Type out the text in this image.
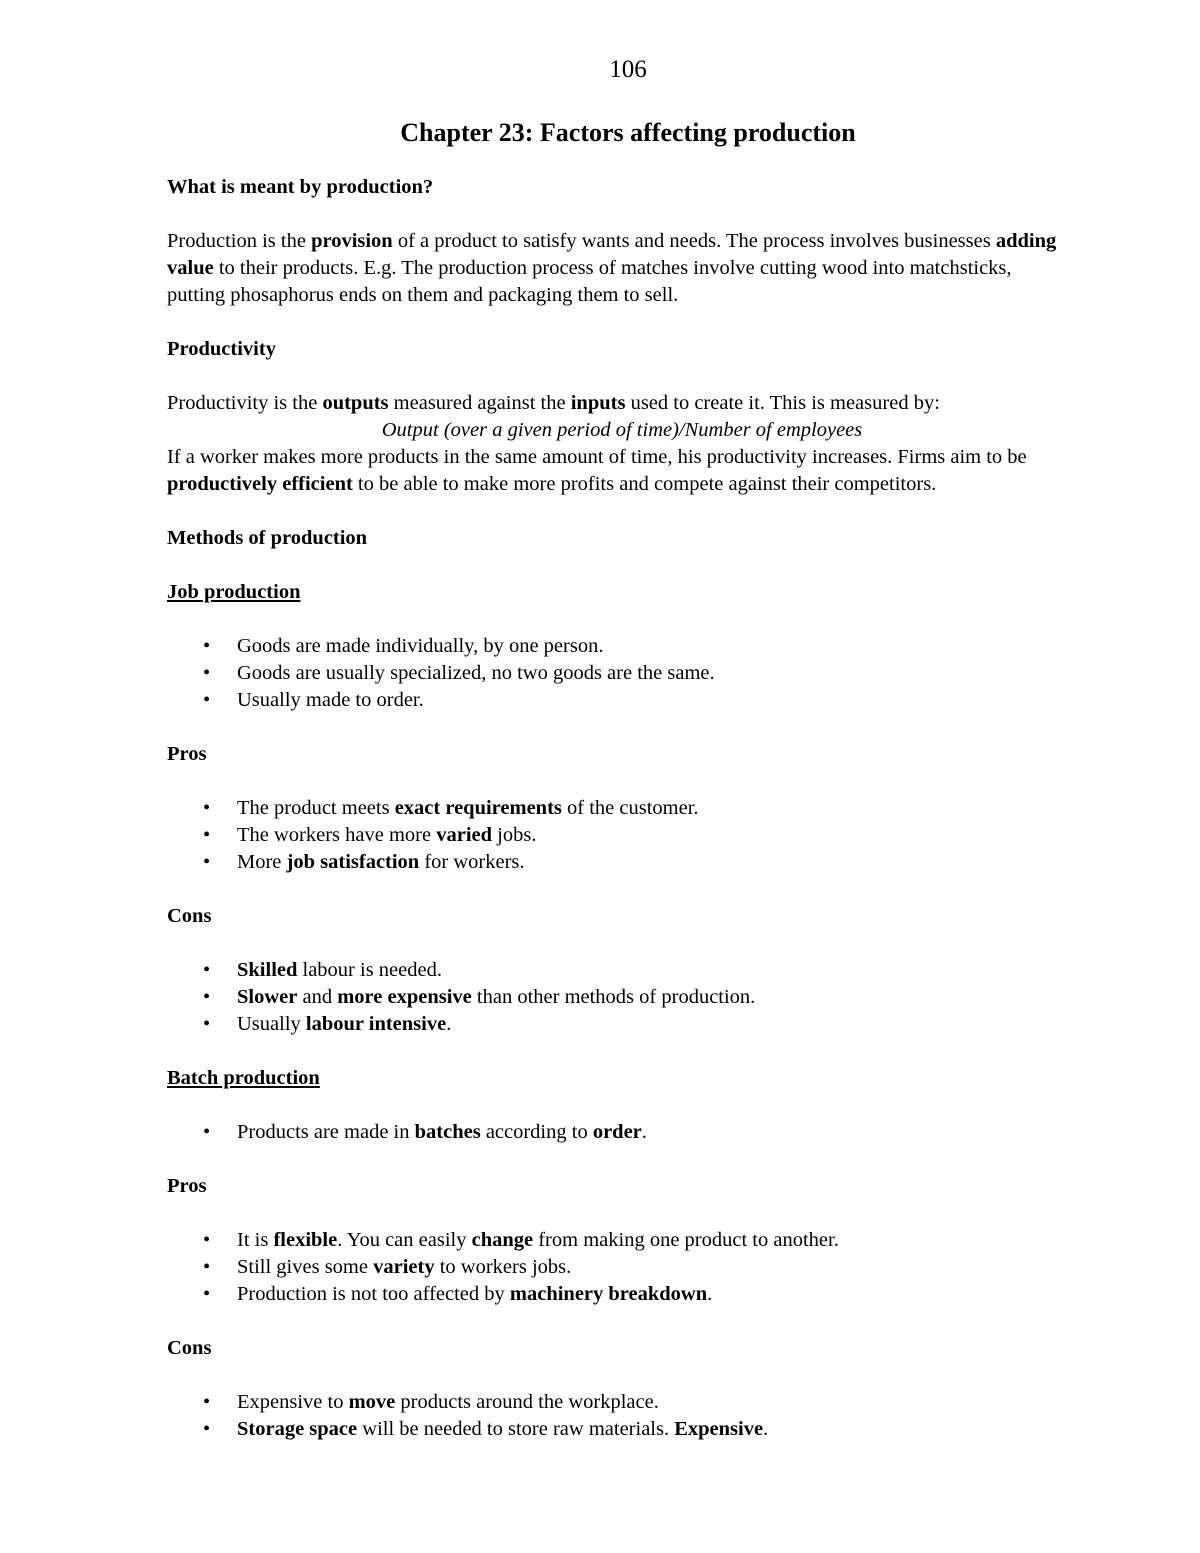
106
Chapter 23: Factors affecting production

What is meant by production?

Production is the provision of a product to satisfy wants and needs. The process involves businesses adding value to their products. E.g. The production process of matches involve cutting wood into matchsticks, putting phosaphorus ends on them and packaging them to sell.

Productivity

Productivity is the outputs measured against the inputs used to create it. This is measured by:

Output (over a given period of time)/Number of employees

If a worker makes more products in the same amount of time, his productivity increases. Firms aim to be productively efficient to be able to make more profits and compete against their competitors.

Methods of production

Job production

• Goods are made individually, by one person.
• Goods are usually specialized, no two goods are the same.
• Usually made to order.

Pros

• The product meets exact requirements of the customer.
• The workers have more varied jobs.
• More job satisfaction for workers.

Cons

• Skilled labour is needed.
• Slower and more expensive than other methods of production.
• Usually labour intensive.

Batch production

• Products are made in batches according to order.

Pros

• It is flexible. You can easily change from making one product to another.
• Still gives some variety to workers jobs.
• Production is not too affected by machinery breakdown.

Cons

• Expensive to move products around the workplace.
• Storage space will be needed to store raw materials. Expensive.
